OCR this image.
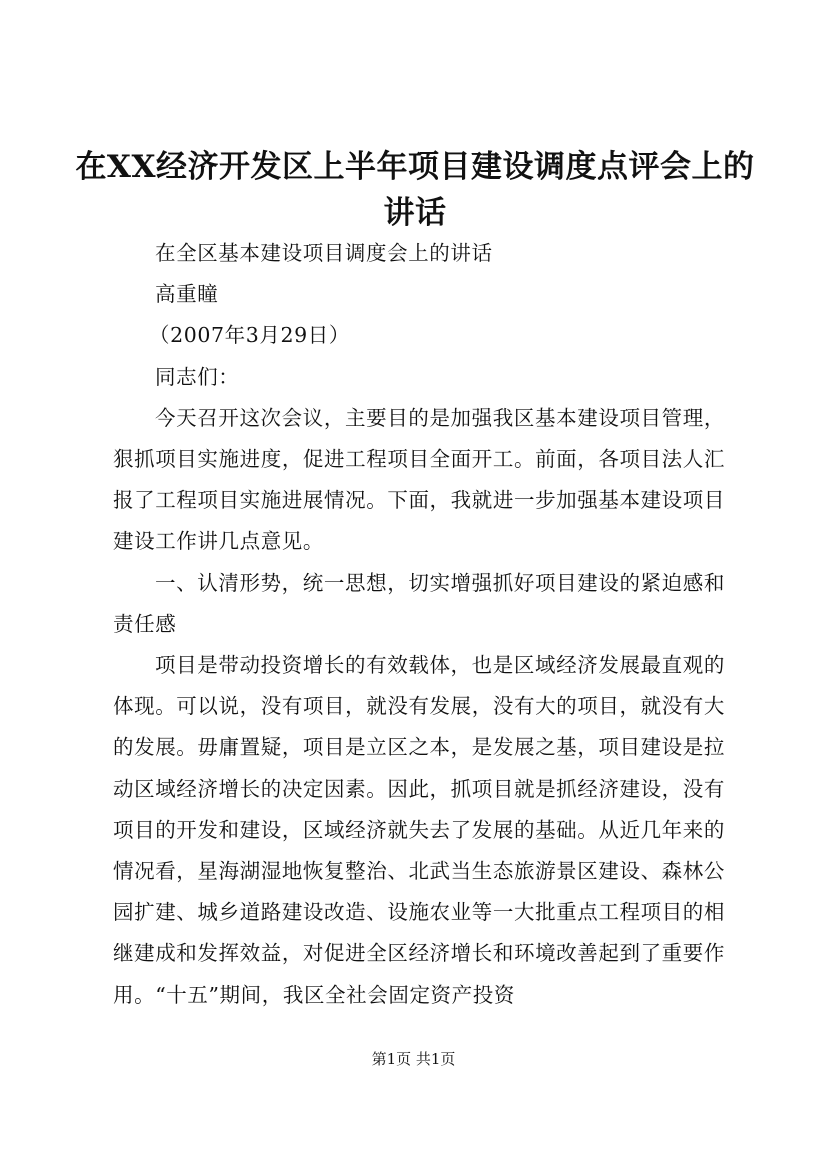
在XX经济开发区上半年项目建设调度点评会上的讲话

在全区基本建设项目调度会上的讲话

高重瞳

（2007年3月29日）

同志们：

今天召开这次会议，主要目的是加强我区基本建设项目管理，狠抓项目实施进度，促进工程项目全面开工。前面，各项目法人汇报了工程项目实施进展情况。下面，我就进一步加强基本建设项目建设工作讲几点意见。

一、认清形势，统一思想，切实增强抓好项目建设的紧迫感和责任感

项目是带动投资增长的有效载体，也是区域经济发展最直观的体现。可以说，没有项目，就没有发展，没有大的项目，就没有大的发展。毋庸置疑，项目是立区之本，是发展之基，项目建设是拉动区域经济增长的决定因素。因此，抓项目就是抓经济建设，没有项目的开发和建设，区域经济就失去了发展的基础。从近几年来的情况看，星海湖湿地恢复整治、北武当生态旅游景区建设、森林公园扩建、城乡道路建设改造、设施农业等一大批重点工程项目的相继建成和发挥效益，对促进全区经济增长和环境改善起到了重要作用。“十五”期间，我区全社会固定资产投资

第1页 共1页
